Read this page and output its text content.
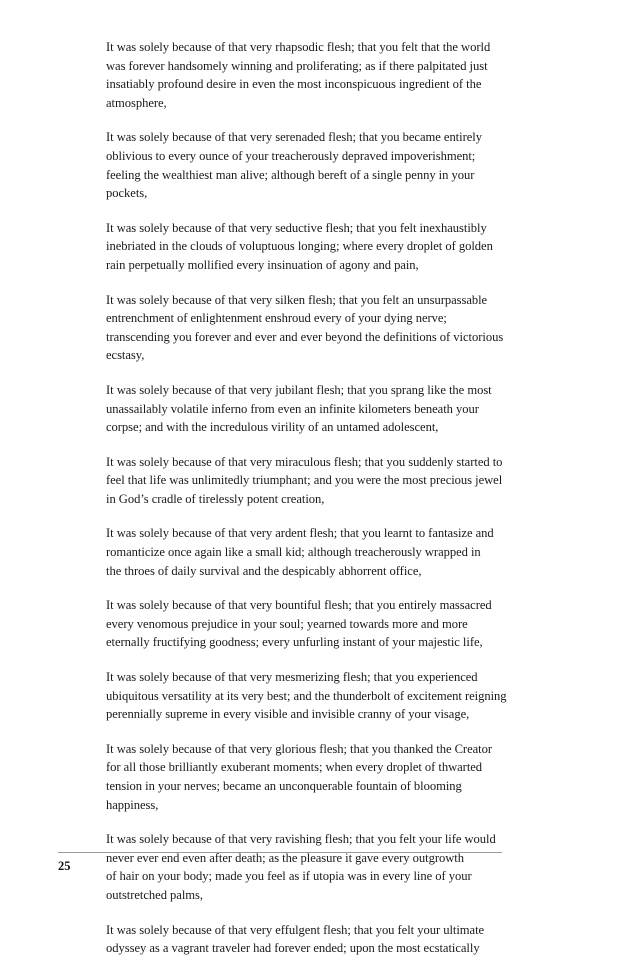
It was solely because of that very rhapsodic flesh; that you felt that the world
was forever handsomely winning and proliferating; as if there palpitated just
insatiably profound desire in even the most inconspicuous ingredient of the
atmosphere,
It was solely because of that very serenaded flesh; that you became entirely
oblivious to every ounce of your treacherously depraved impoverishment;
feeling the wealthiest man alive; although bereft of a single penny in your
pockets,
It was solely because of that very seductive flesh; that you felt inexhaustibly
inebriated in the clouds of voluptuous longing; where every droplet of golden
rain perpetually mollified every insinuation of agony and pain,
It was solely because of that very silken flesh; that you felt an unsurpassable
entrenchment of enlightenment enshroud every of your dying nerve;
transcending you forever and ever and ever beyond the definitions of victorious
ecstasy,
It was solely because of that very jubilant flesh; that you sprang like the most
unassailably volatile inferno from even an infinite kilometers beneath your
corpse; and with the incredulous virility of an untamed adolescent,
It was solely because of that very miraculous flesh; that you suddenly started to
feel that life was unlimitedly triumphant; and you were the most precious jewel
in God’s cradle of tirelessly potent creation,
It was solely because of that very ardent flesh; that you learnt to fantasize and
romanticize once again like a small kid; although treacherously wrapped in
the throes of daily survival and the despicably abhorrent office,
It was solely because of that very bountiful flesh; that you entirely massacred
every venomous prejudice in your soul; yearned towards more and more
eternally fructifying goodness; every unfurling instant of your majestic life,
It was solely because of that very mesmerizing flesh; that you experienced
ubiquitous versatility at its very best; and the thunderbolt of excitement reigning
perennially supreme in every visible and invisible cranny of your visage,
It was solely because of that very glorious flesh; that you thanked the Creator
for all those brilliantly exuberant moments; when every droplet of thwarted
tension in your nerves; became an unconquerable fountain of blooming
happiness,
It was solely because of that very ravishing flesh; that you felt your life would
never ever end even after death; as the pleasure it gave every outgrowth
of hair on your body; made you feel as if utopia was in every line of your
outstretched palms,
It was solely because of that very effulgent flesh; that you felt your ultimate
odyssey as a vagrant traveler had forever ended; upon the most ecstatically
25
